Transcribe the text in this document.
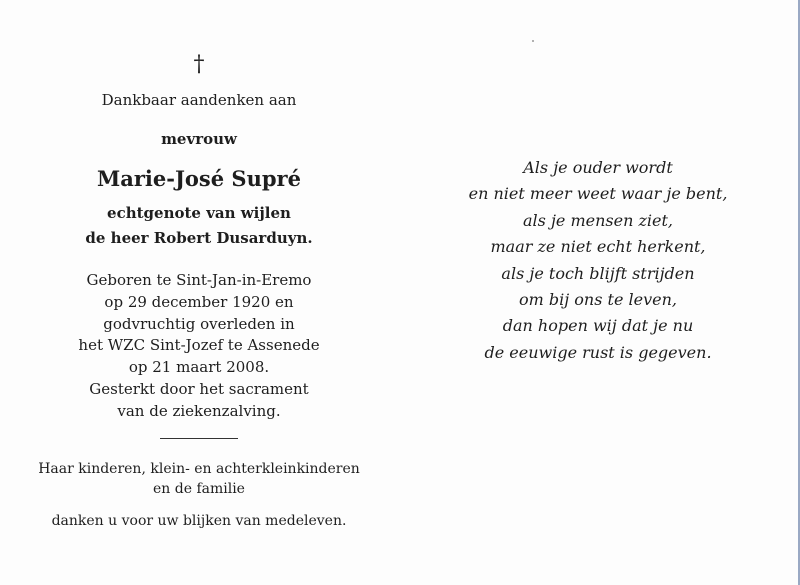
†
Dankbaar aandenken aan
mevrouw
Marie-José Supré
echtgenote van wijlen
de heer Robert Dusarduyn.
Geboren te Sint-Jan-in-Eremo
op 29 december 1920 en
godvruchtig overleden in
het WZC Sint-Jozef te Assenede
op 21 maart 2008.
Gesterkt door het sacrament
van de ziekenzalving.
Haar kinderen, klein- en achterkleinkinderen
en de familie
danken u voor uw blijken van medeleven.
Als je ouder wordt
en niet meer weet waar je bent,
als je mensen ziet,
maar ze niet echt herkent,
als je toch blijft strijden
om bij ons te leven,
dan hopen wij dat je nu
de eeuwige rust is gegeven.
